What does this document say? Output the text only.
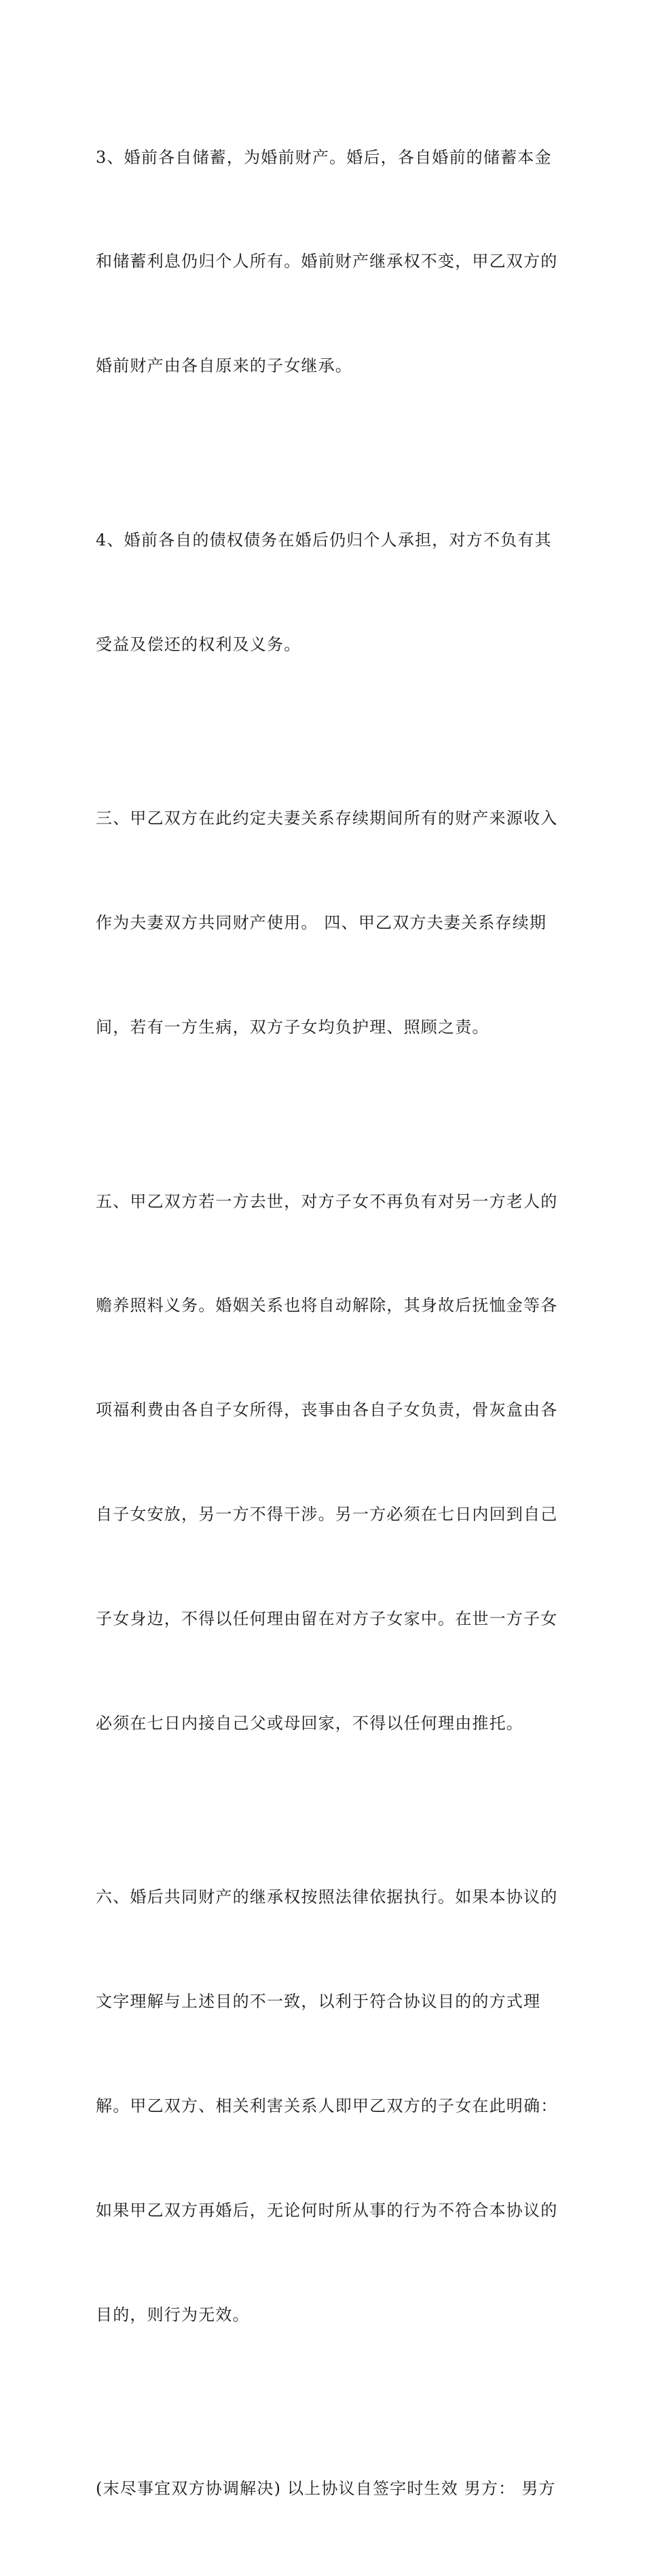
3、婚前各自储蓄，为婚前财产。婚后，各自婚前的储蓄本金

和储蓄利息仍归个人所有。婚前财产继承权不变，甲乙双方的

婚前财产由各自原来的子女继承。

4、婚前各自的债权债务在婚后仍归个人承担，对方不负有其

受益及偿还的权利及义务。

三、甲乙双方在此约定夫妻关系存续期间所有的财产来源收入

作为夫妻双方共同财产使用。 四、甲乙双方夫妻关系存续期

间，若有一方生病，双方子女均负护理、照顾之责。

五、甲乙双方若一方去世，对方子女不再负有对另一方老人的

赡养照料义务。婚姻关系也将自动解除，其身故后抚恤金等各

项福利费由各自子女所得，丧事由各自子女负责，骨灰盒由各

自子女安放，另一方不得干涉。另一方必须在七日内回到自己

子女身边，不得以任何理由留在对方子女家中。在世一方子女

必须在七日内接自己父或母回家，不得以任何理由推托。

六、婚后共同财产的继承权按照法律依据执行。如果本协议的

文字理解与上述目的不一致，以利于符合协议目的的方式理

解。甲乙双方、相关利害关系人即甲乙双方的子女在此明确：

如果甲乙双方再婚后，无论何时所从事的行为不符合本协议的

目的，则行为无效。

(末尽事宜双方协调解决) 以上协议自签字时生效 男方： 男方
